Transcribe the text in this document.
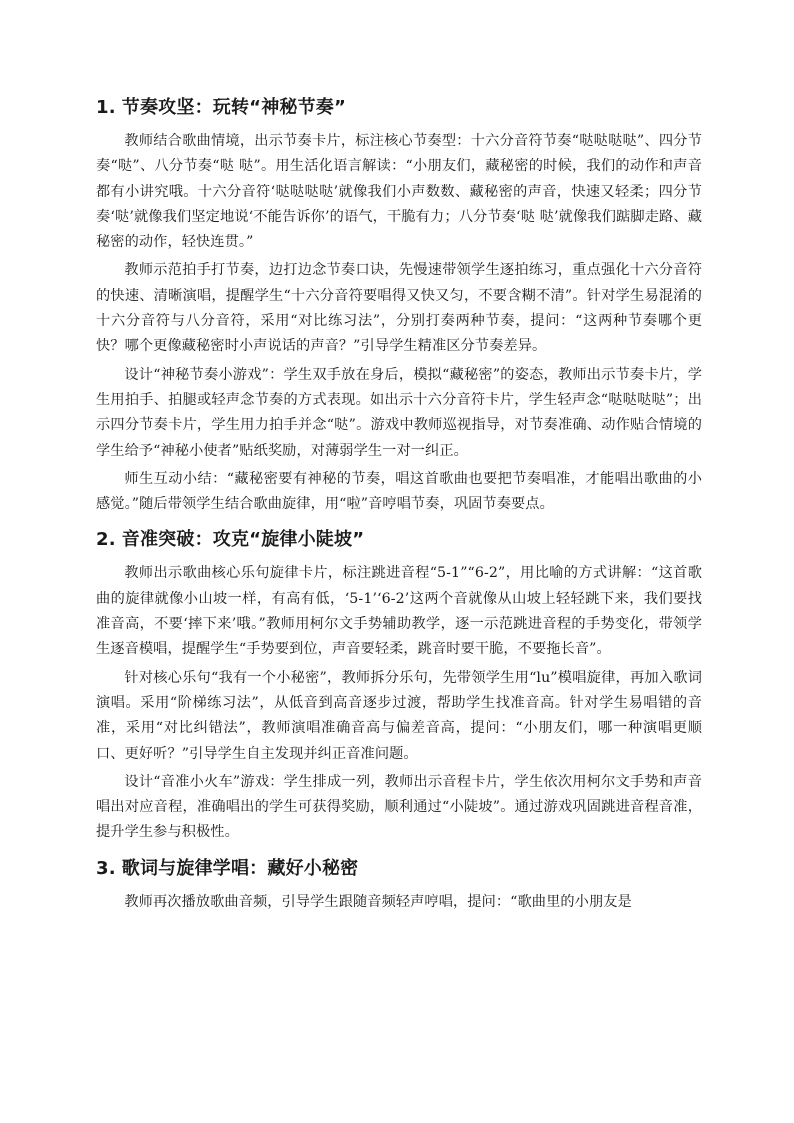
1. 节奏攻坚：玩转“神秘节奏”

教师结合歌曲情境，出示节奏卡片，标注核心节奏型：十六分音符节奏“哒哒哒哒”、四分节奏“哒”、八分节奏“哒 哒”。用生活化语言解读：“小朋友们，藏秘密的时候，我们的动作和声音都有小讲究哦。十六分音符‘哒哒哒哒’就像我们小声数数、藏秘密的声音，快速又轻柔；四分节奏‘哒’就像我们坚定地说‘不能告诉你’的语气，干脆有力；八分节奏‘哒 哒’就像我们踮脚走路、藏秘密的动作，轻快连贯。”

教师示范拍手打节奏，边打边念节奏口诀，先慢速带领学生逐拍练习，重点强化十六分音符的快速、清晰演唱，提醒学生“十六分音符要唱得又快又匀，不要含糊不清”。针对学生易混淆的十六分音符与八分音符，采用“对比练习法”，分别打奏两种节奏，提问：“这两种节奏哪个更快？哪个更像藏秘密时小声说话的声音？”引导学生精准区分节奏差异。

设计“神秘节奏小游戏”：学生双手放在身后，模拟“藏秘密”的姿态，教师出示节奏卡片，学生用拍手、拍腿或轻声念节奏的方式表现。如出示十六分音符卡片，学生轻声念“哒哒哒哒”；出示四分节奏卡片，学生用力拍手并念“哒”。游戏中教师巡视指导，对节奏准确、动作贴合情境的学生给予“神秘小使者”贴纸奖励，对薄弱学生一对一纠正。

师生互动小结：“藏秘密要有神秘的节奏，唱这首歌曲也要把节奏唱准，才能唱出歌曲的小感觉。”随后带领学生结合歌曲旋律，用“啦”音哼唱节奏，巩固节奏要点。

2. 音准突破：攻克“旋律小陡坡”

教师出示歌曲核心乐句旋律卡片，标注跳进音程“5-1”“6-2”，用比喻的方式讲解：“这首歌曲的旋律就像小山坡一样，有高有低，‘5-1’‘6-2’这两个音就像从山坡上轻轻跳下来，我们要找准音高，不要‘摔下来’哦。”教师用柯尔文手势辅助教学，逐一示范跳进音程的手势变化，带领学生逐音模唱，提醒学生“手势要到位，声音要轻柔，跳音时要干脆，不要拖长音”。

针对核心乐句“我有一个小秘密”，教师拆分乐句，先带领学生用“lu”模唱旋律，再加入歌词演唱。采用“阶梯练习法”，从低音到高音逐步过渡，帮助学生找准音高。针对学生易唱错的音准，采用“对比纠错法”，教师演唱准确音高与偏差音高，提问：“小朋友们，哪一种演唱更顺口、更好听？”引导学生自主发现并纠正音准问题。

设计“音准小火车”游戏：学生排成一列，教师出示音程卡片，学生依次用柯尔文手势和声音唱出对应音程，准确唱出的学生可获得奖励，顺利通过“小陡坡”。通过游戏巩固跳进音程音准，提升学生参与积极性。

3. 歌词与旋律学唱：藏好小秘密

教师再次播放歌曲音频，引导学生跟随音频轻声哼唱，提问：“歌曲里的小朋友是
